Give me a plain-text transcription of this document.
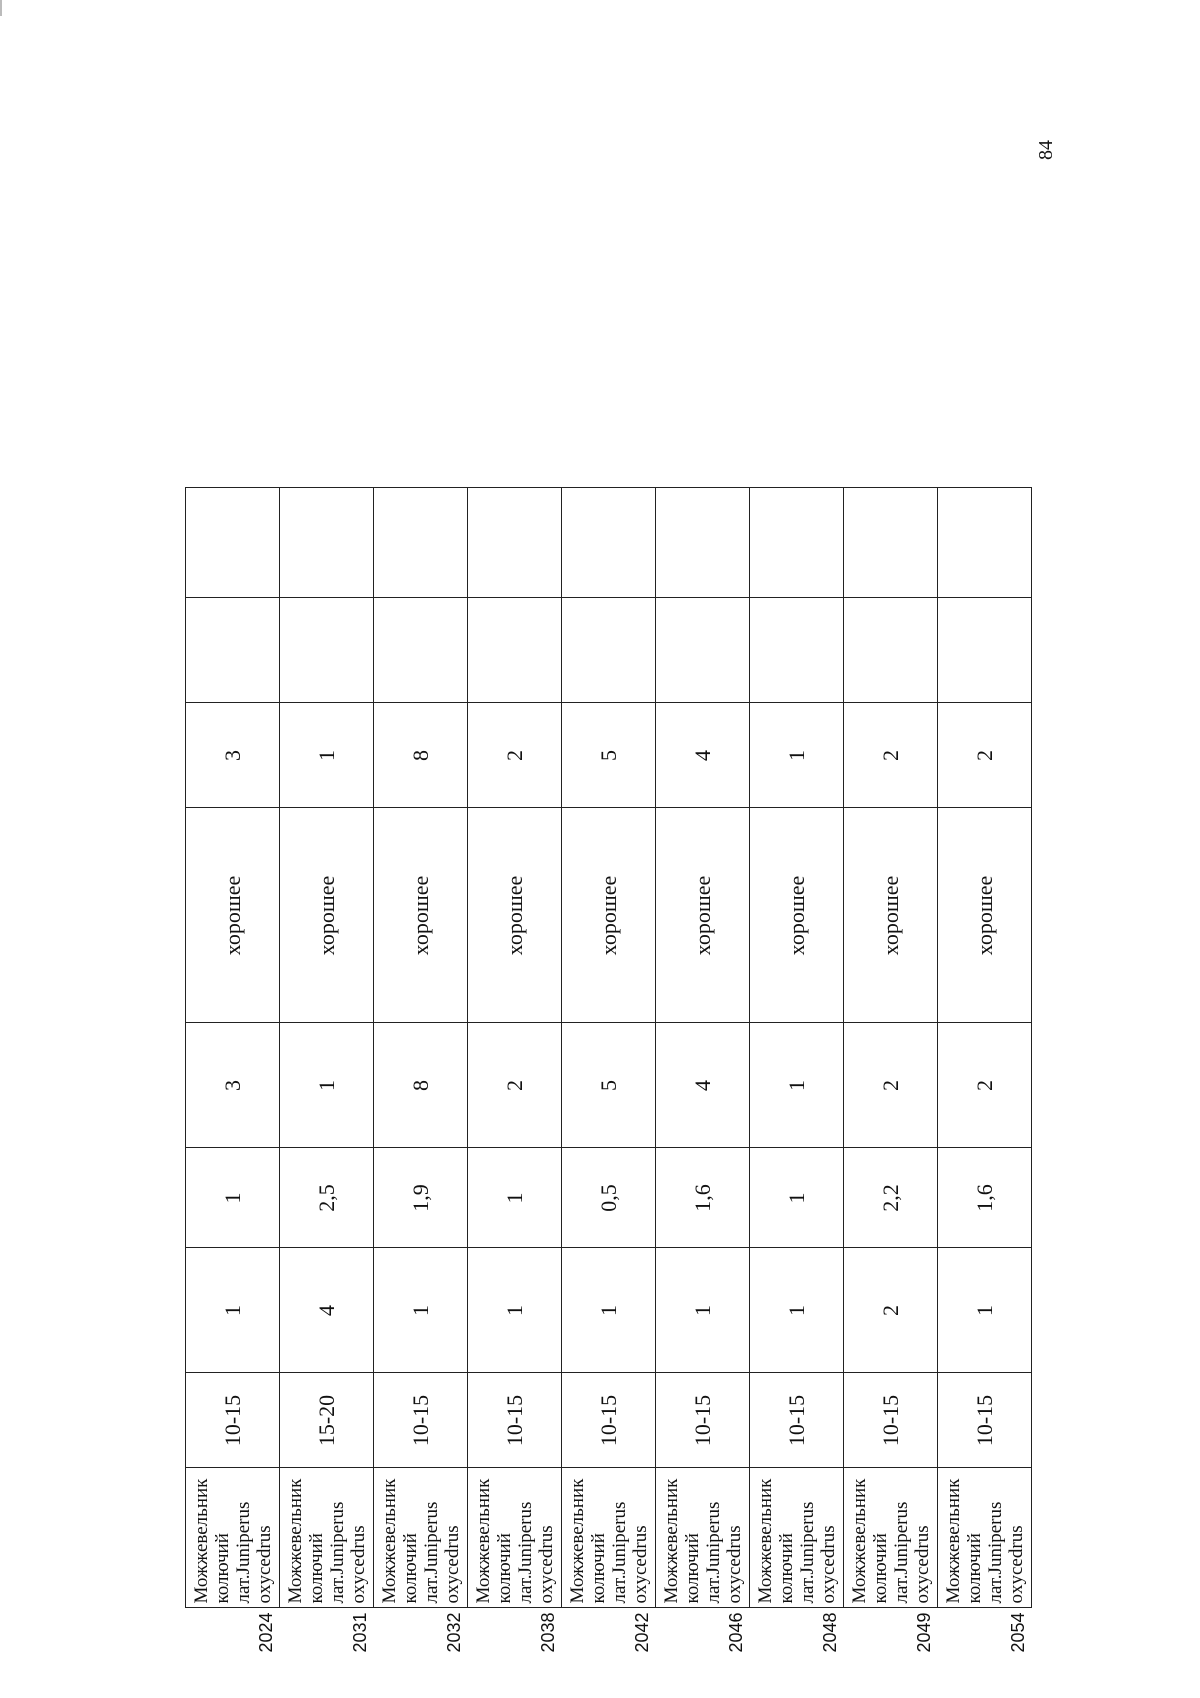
84
2024	Можжевельник колючий лат.Juniperus oxycedrus	10-15	1	1	3	хорошее	3		
2031	Можжевельник колючий лат.Juniperus oxycedrus	15-20	4	2,5	1	хорошее	1		
2032	Можжевельник колючий лат.Juniperus oxycedrus	10-15	1	1,9	8	хорошее	8		
2038	Можжевельник колючий лат.Juniperus oxycedrus	10-15	1	1	2	хорошее	2		
2042	Можжевельник колючий лат.Juniperus oxycedrus	10-15	1	0,5	5	хорошее	5		
2046	Можжевельник колючий лат.Juniperus oxycedrus	10-15	1	1,6	4	хорошее	4		
2048	Можжевельник колючий лат.Juniperus oxycedrus	10-15	1	1	1	хорошее	1		
2049	Можжевельник колючий лат.Juniperus oxycedrus	10-15	2	2,2	2	хорошее	2		
2054	Можжевельник колючий лат.Juniperus oxycedrus	10-15	1	1,6	2	хорошее	2		
